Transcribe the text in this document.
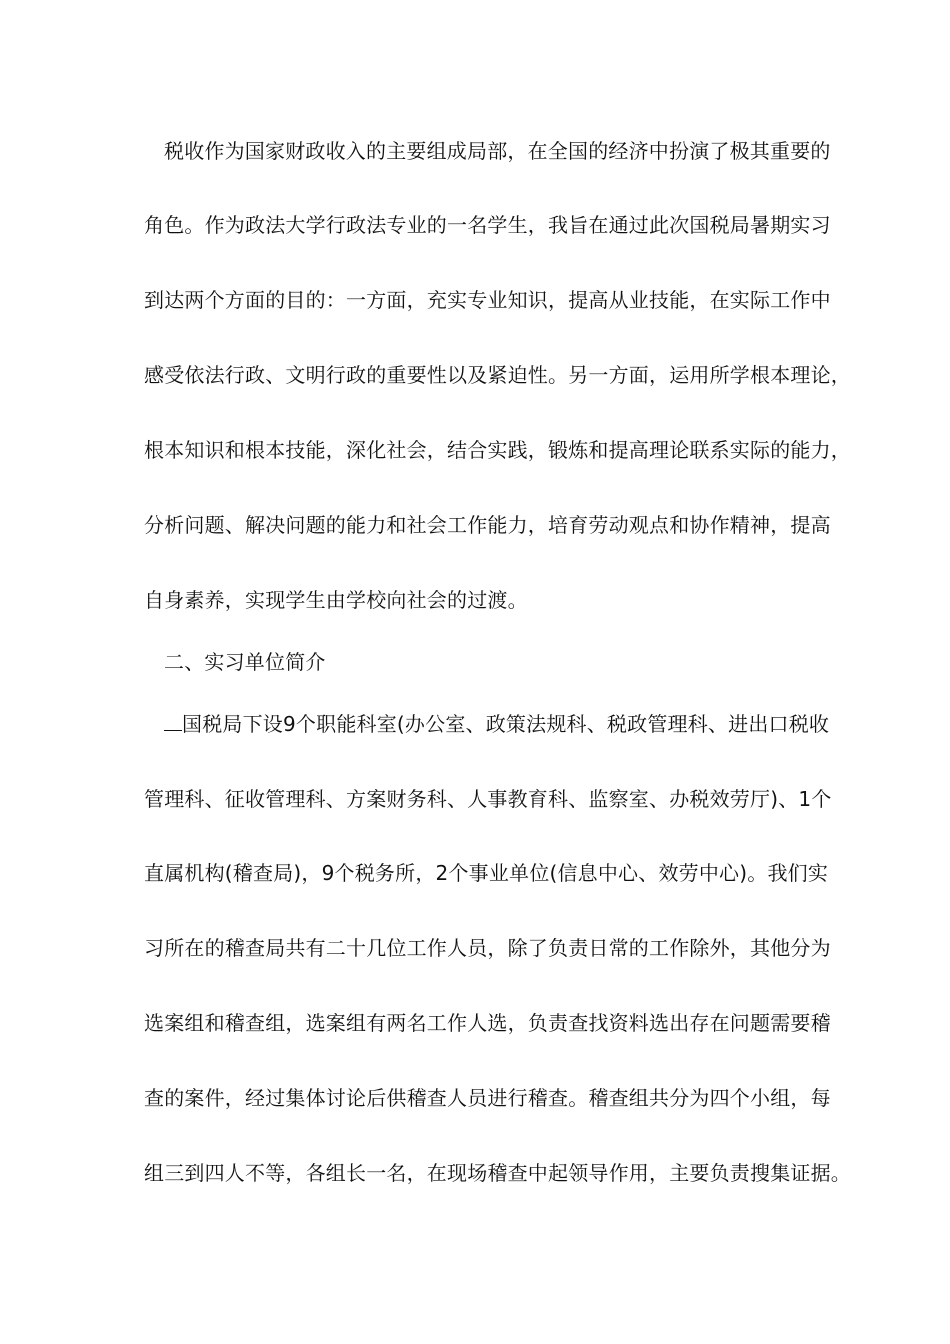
税收作为国家财政收入的主要组成局部，在全国的经济中扮演了极其重要的
角色。作为政法大学行政法专业的一名学生，我旨在通过此次国税局暑期实习
到达两个方面的目的：一方面，充实专业知识，提高从业技能，在实际工作中
感受依法行政、文明行政的重要性以及紧迫性。另一方面，运用所学根本理论，
根本知识和根本技能，深化社会，结合实践，锻炼和提高理论联系实际的能力，
分析问题、解决问题的能力和社会工作能力，培育劳动观点和协作精神，提高
自身素养，实现学生由学校向社会的过渡。
二、实习单位简介
国税局下设9个职能科室(办公室、政策法规科、税政管理科、进出口税收
管理科、征收管理科、方案财务科、人事教育科、监察室、办税效劳厅)、1个
直属机构(稽查局)，9个税务所，2个事业单位(信息中心、效劳中心)。我们实
习所在的稽查局共有二十几位工作人员，除了负责日常的工作除外，其他分为
选案组和稽查组，选案组有两名工作人选，负责查找资料选出存在问题需要稽
查的案件，经过集体讨论后供稽查人员进行稽查。稽查组共分为四个小组，每
组三到四人不等，各组长一名，在现场稽查中起领导作用，主要负责搜集证据。
